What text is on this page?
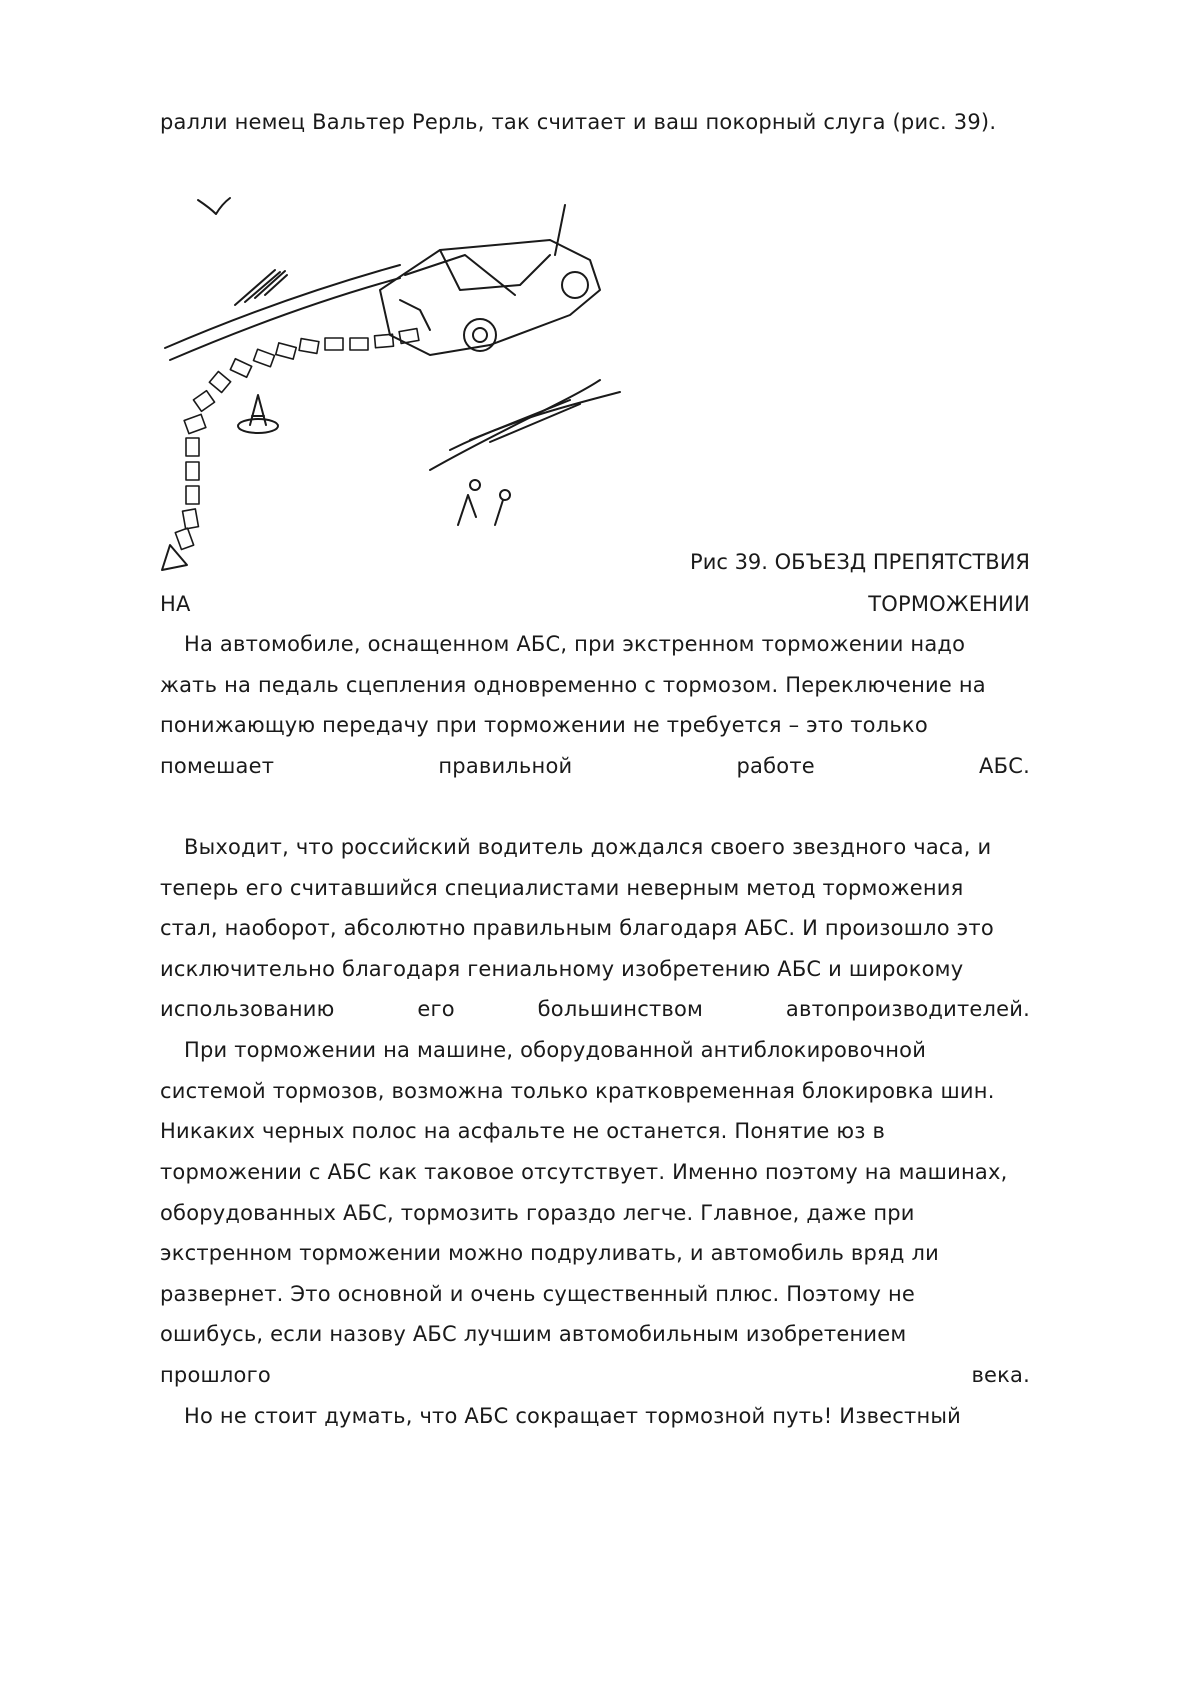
ралли немец Вальтер Рерль, так считает и ваш покорный слуга (рис. 39).
Рис 39. ОБЪЕЗД ПРЕПЯТСТВИЯ
НА	ТОРМОЖЕНИИ
На автомобиле, оснащенном АБС, при экстренном торможении надо
жать на педаль сцепления одновременно с тормозом. Переключение на
понижающую передачу при торможении не требуется – это только
помешает	правильной	работе	АБС.
Выходит, что российский водитель дождался своего звездного часа, и
теперь его считавшийся специалистами неверным метод торможения
стал, наоборот, абсолютно правильным благодаря АБС. И произошло это
исключительно благодаря гениальному изобретению АБС и широкому
использованию	его	большинством	автопроизводителей.
При торможении на машине, оборудованной антиблокировочной
системой тормозов, возможна только кратковременная блокировка шин.
Никаких черных полос на асфальте не останется. Понятие юз в
торможении с АБС как таковое отсутствует. Именно поэтому на машинах,
оборудованных АБС, тормозить гораздо легче. Главное, даже при
экстренном торможении можно подруливать, и автомобиль вряд ли
развернет. Это основной и очень существенный плюс. Поэтому не
ошибусь, если назову АБС лучшим автомобильным изобретением
прошлого	века.
Но не стоит думать, что АБС сокращает тормозной путь! Известный
